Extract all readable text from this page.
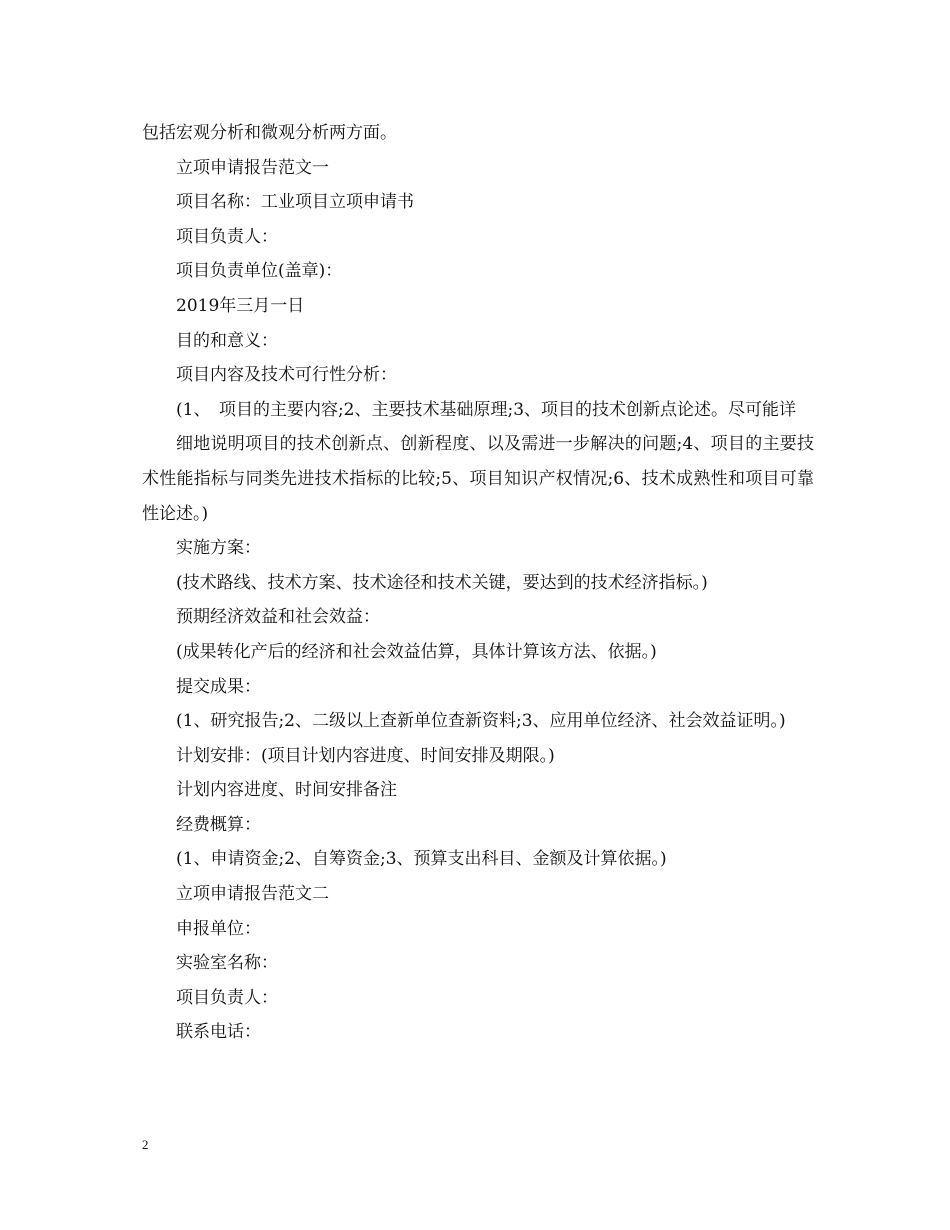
包括宏观分析和微观分析两方面。

立项申请报告范文一

项目名称：工业项目立项申请书

项目负责人：

项目负责单位(盖章)：

2019年三月一日

目的和意义：

项目内容及技术可行性分析：

(1、　项目的主要内容;2、主要技术基础原理;3、项目的技术创新点论述。尽可能详

细地说明项目的技术创新点、创新程度、以及需进一步解决的问题;4、项目的主要技术性能指标与同类先进技术指标的比较;5、项目知识产权情况;6、技术成熟性和项目可靠性论述。)

实施方案：

(技术路线、技术方案、技术途径和技术关键，要达到的技术经济指标。)

预期经济效益和社会效益：

(成果转化产后的经济和社会效益估算，具体计算该方法、依据。)

提交成果：

(1、研究报告;2、二级以上查新单位查新资料;3、应用单位经济、社会效益证明。)

计划安排：(项目计划内容进度、时间安排及期限。)

计划内容进度、时间安排备注

经费概算：

(1、申请资金;2、自筹资金;3、预算支出科目、金额及计算依据。)

立项申请报告范文二

申报单位：

实验室名称：

项目负责人：

联系电话：

2
